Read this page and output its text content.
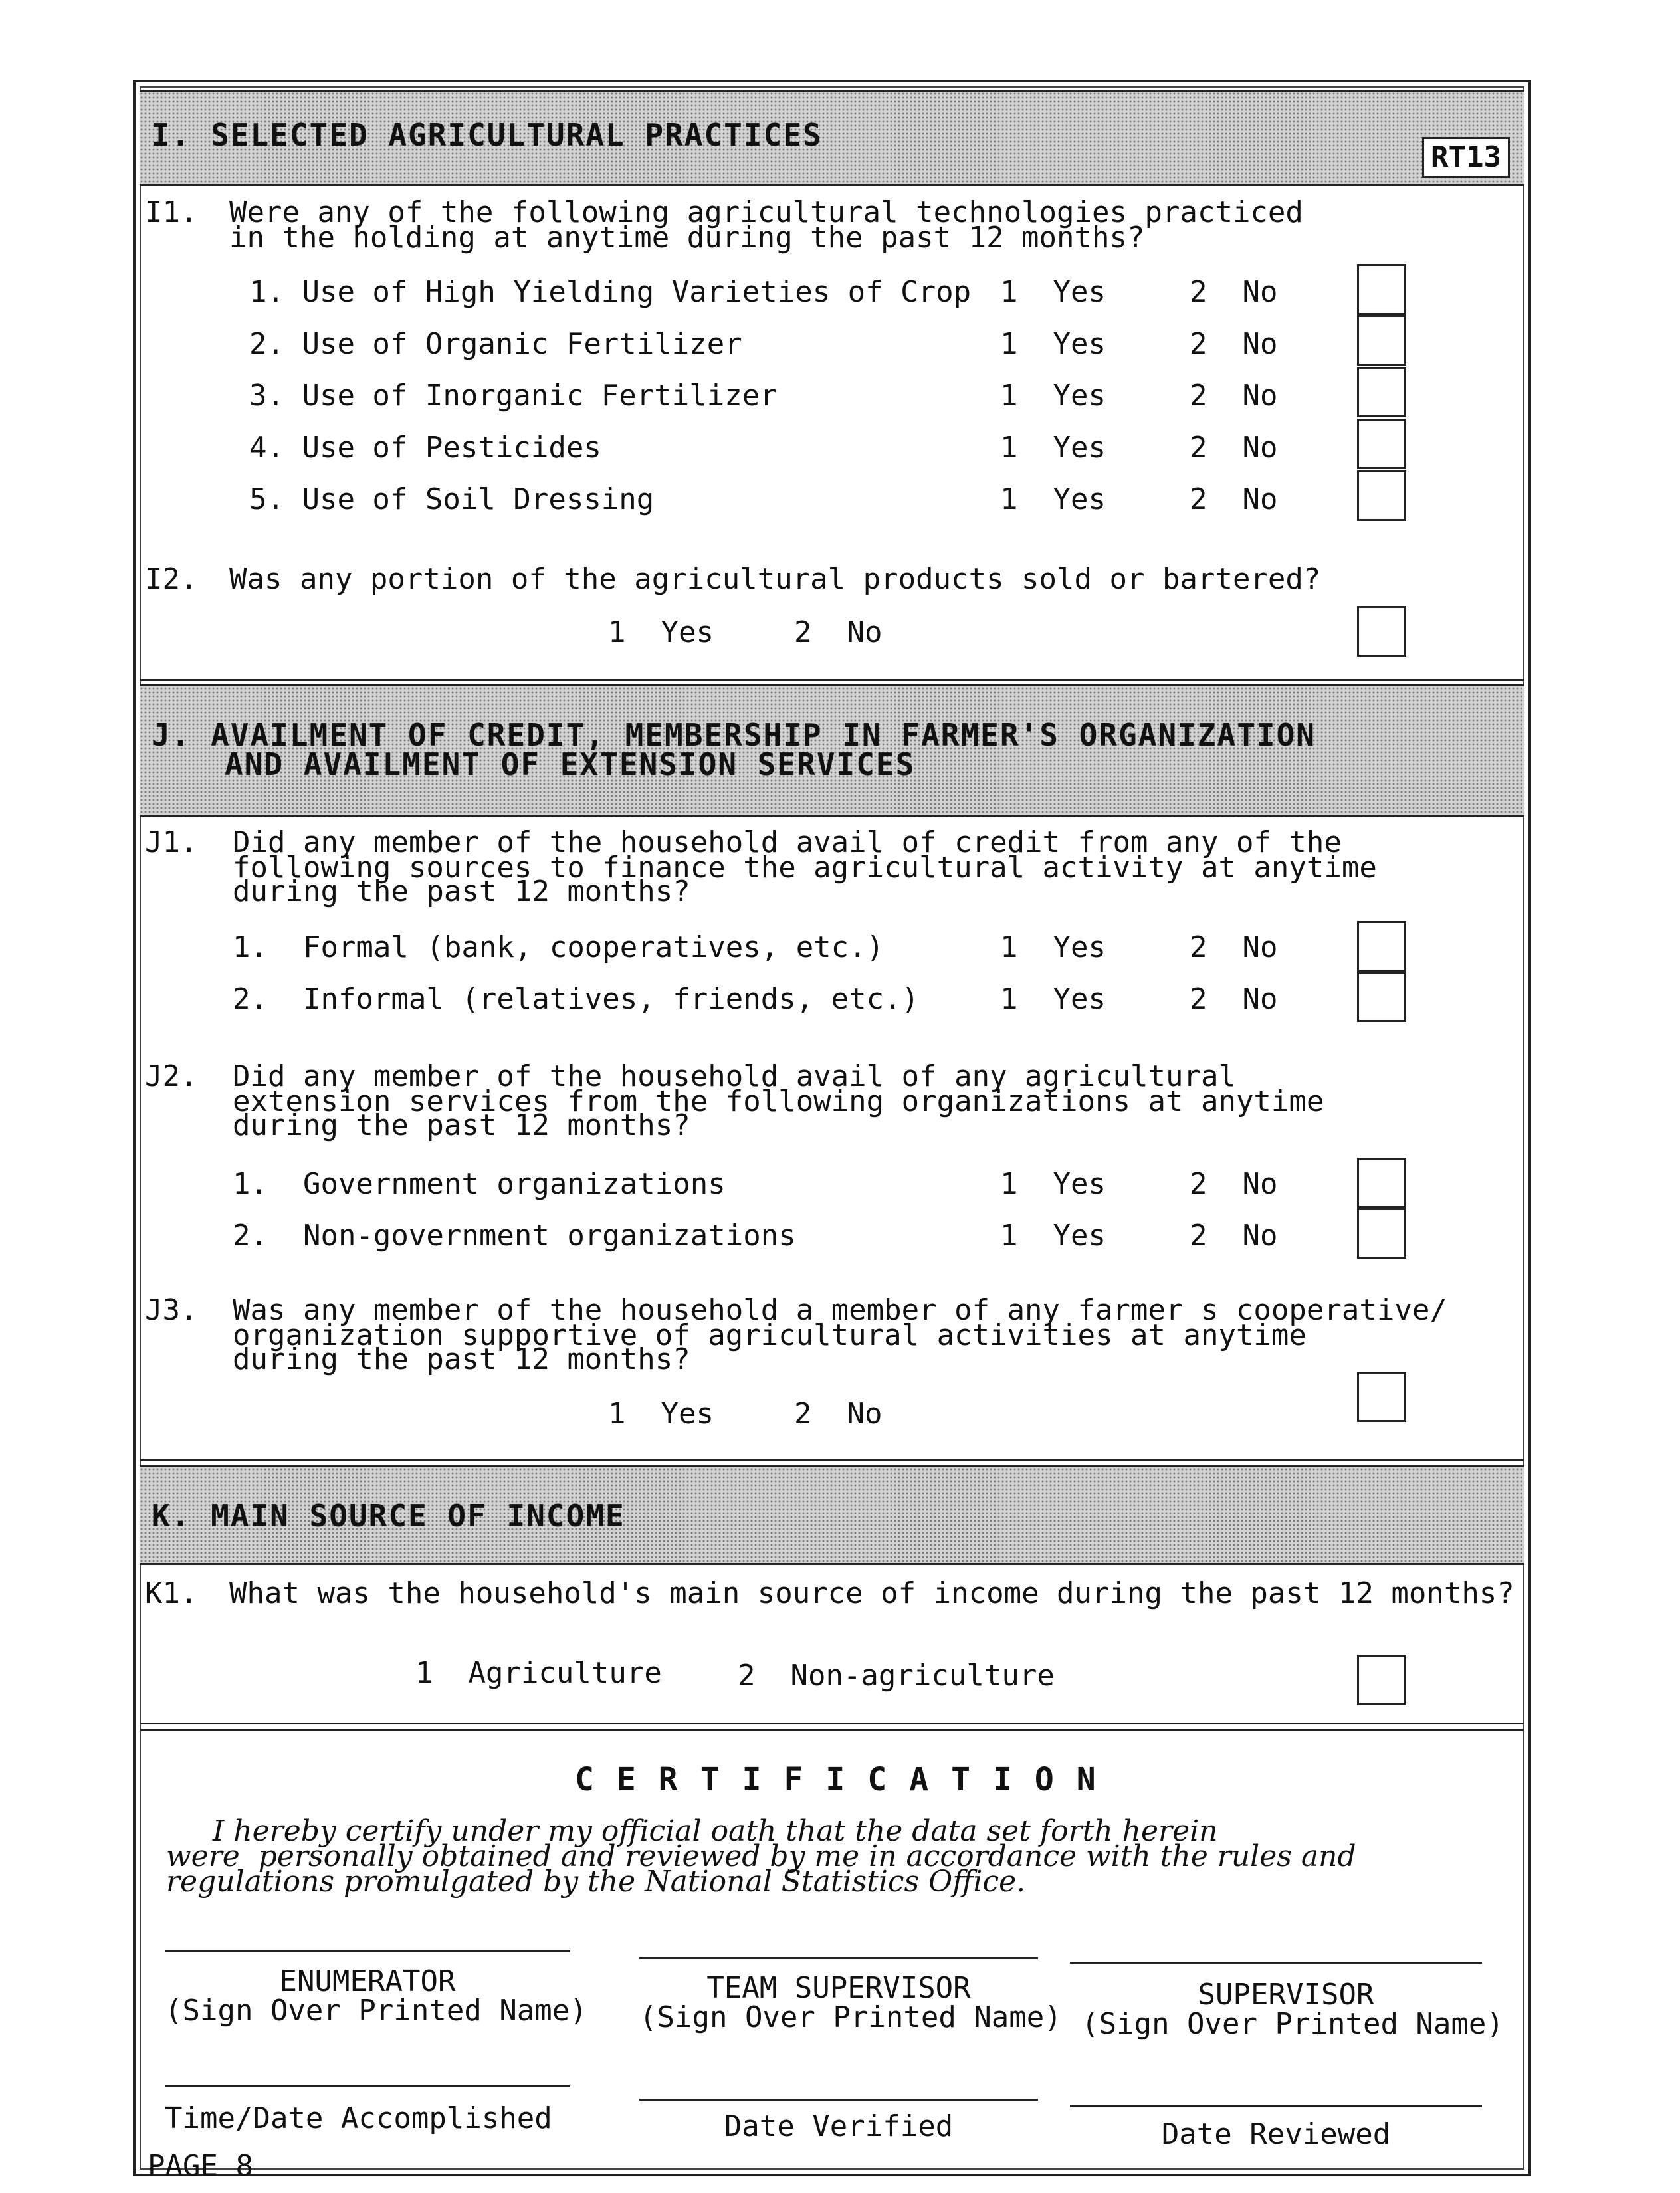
I. SELECTED AGRICULTURAL PRACTICES
RT13
I1. Were any of the following agricultural technologies practiced
in the holding at anytime during the past 12 months?
1. Use of High Yielding Varieties of Crop 1  Yes	2  No
2. Use of Organic Fertilizer	1  Yes	2  No
3. Use of Inorganic Fertilizer	1  Yes	2  No
4. Use of Pesticides	1  Yes	2  No
5. Use of Soil Dressing	1  Yes	2  No
I2. Was any portion of the agricultural products sold or bartered?
1  Yes	2  No
J. AVAILMENT OF CREDIT, MEMBERSHIP IN FARMER'S ORGANIZATION
AND AVAILMENT OF EXTENSION SERVICES
J1. Did any member of the household avail of credit from any of the
following sources to finance the agricultural activity at anytime
during the past 12 months?
1.  Formal (bank, cooperatives, etc.)	1  Yes	2  No
2.  Informal (relatives, friends, etc.)	1  Yes	2  No
J2. Did any member of the household avail of any agricultural
extension services from the following organizations at anytime
during the past 12 months?
1.  Government organizations	1  Yes	2  No
2.  Non-government organizations	1  Yes	2  No
J3. Was any member of the household a member of any farmer s cooperative/
organization supportive of agricultural activities at anytime
during the past 12 months?
1  Yes	2  No
K. MAIN SOURCE OF INCOME
K1. What was the household's main source of income during the past 12 months?
1  Agriculture	2  Non-agriculture
CERTIFICATION
I hereby certify under my official oath that the data set forth herein
were  personally obtained and reviewed by me in accordance with the rules and
regulations promulgated by the National Statistics Office.
ENUMERATOR
(Sign Over Printed Name)
TEAM SUPERVISOR
(Sign Over Printed Name)
SUPERVISOR
(Sign Over Printed Name)
Time/Date Accomplished	Date Verified	Date Reviewed
PAGE 8
